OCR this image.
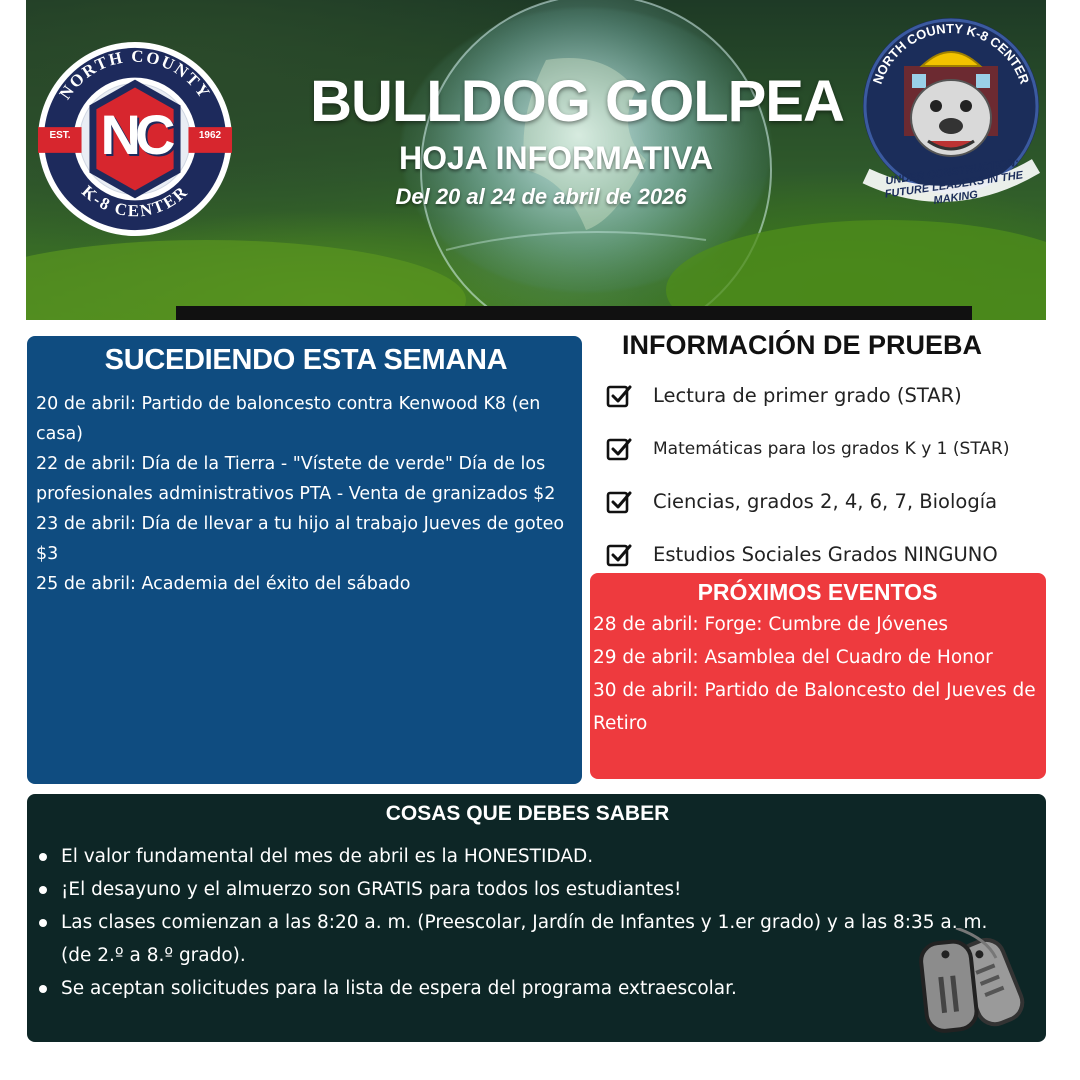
NORTH COUNTY
K-8 CENTER
NC
EST.	1962
BULLDOG GOLPEA
HOJA INFORMATIVA
Del 20 al 24 de abril de 2026
NORTH COUNTY K-8 CENTER
UNDER CONSTRUCTION: FUTURE LEADERS IN THE MAKING
SUCEDIENDO ESTA SEMANA

20 de abril: Partido de baloncesto contra Kenwood K8 (en casa)

22 de abril: Día de la Tierra - "Vístete de verde" Día de los profesionales administrativos PTA - Venta de granizados $2

23 de abril: Día de llevar a tu hijo al trabajo Jueves de goteo $3

25 de abril: Academia del éxito del sábado

INFORMACIÓN DE PRUEBA
Lectura de primer grado (STAR)
Matemáticas para los grados K y 1 (STAR)
Ciencias, grados 2, 4, 6, 7, Biología
Estudios Sociales Grados NINGUNO
PRÓXIMOS EVENTOS

28 de abril: Forge: Cumbre de Jóvenes

29 de abril: Asamblea del Cuadro de Honor

30 de abril: Partido de Baloncesto del Jueves de Retiro

COSAS QUE DEBES SABER
El valor fundamental del mes de abril es la HONESTIDAD.
¡El desayuno y el almuerzo son GRATIS para todos los estudiantes!
Las clases comienzan a las 8:20 a. m. (Preescolar, Jardín de Infantes y 1.er grado) y a las 8:35 a. m. (de 2.º a 8.º grado).
Se aceptan solicitudes para la lista de espera del programa extraescolar.
